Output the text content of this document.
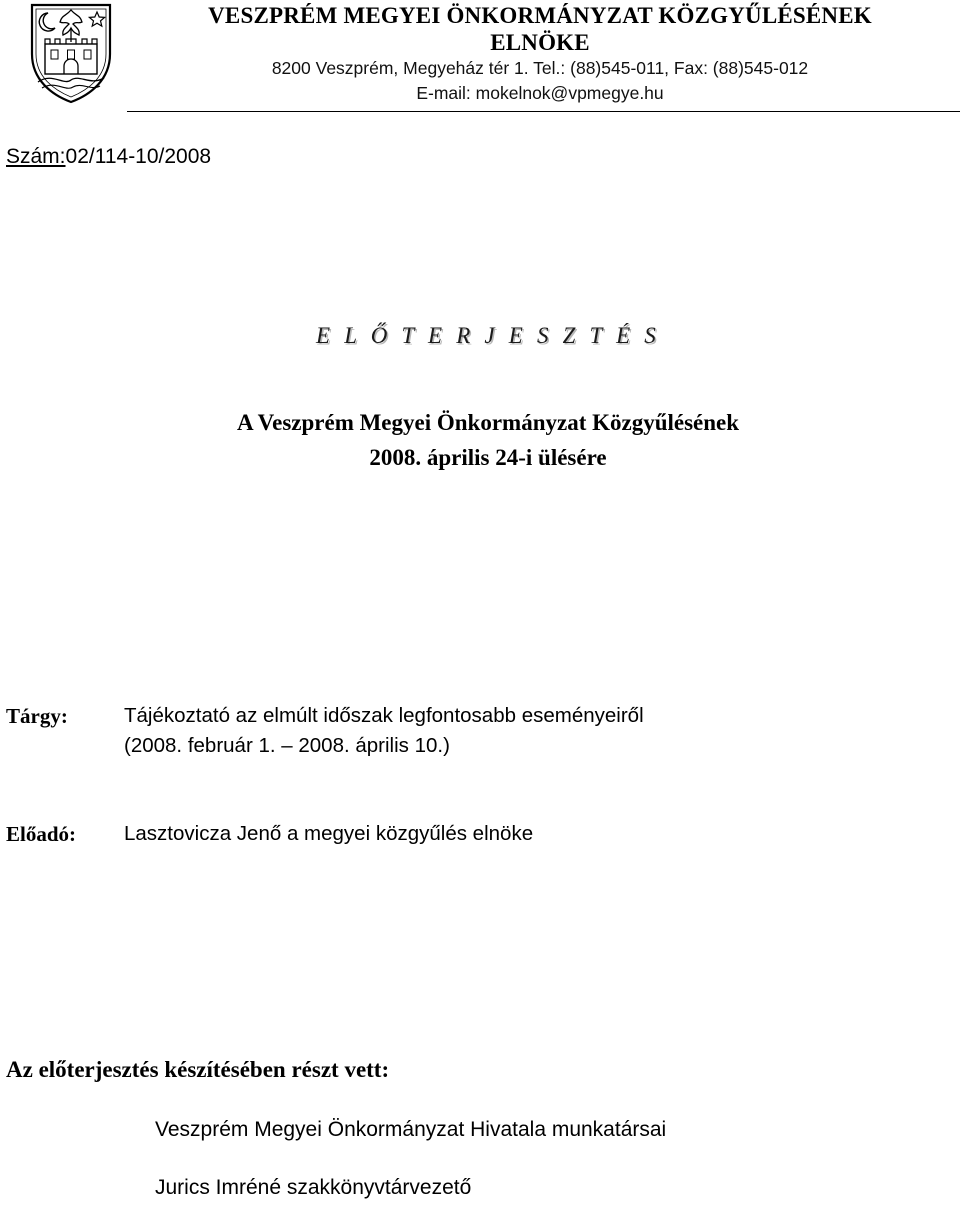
VESZPRÉM MEGYEI ÖNKORMÁNYZAT KÖZGYŰLÉSÉNEK
ELNÖKE
8200 Veszprém, Megyeház tér 1. Tel.: (88)545-011, Fax: (88)545-012
E-mail: mokelnok@vpmegye.hu
Szám:02/114-10/2008
E L Ő T E R J E S Z T É S
A Veszprém Megyei Önkormányzat Közgyűlésének
2008. április 24-i ülésére
Tárgy:	Tájékoztató az elmúlt időszak legfontosabb eseményeiről
(2008. február 1. – 2008. április 10.)
Előadó: Lasztovicza Jenő a megyei közgyűlés elnöke
Az előterjesztés készítésében részt vett:
Veszprém Megyei Önkormányzat Hivatala munkatársai
Jurics Imréné szakkönyvtárvezető
